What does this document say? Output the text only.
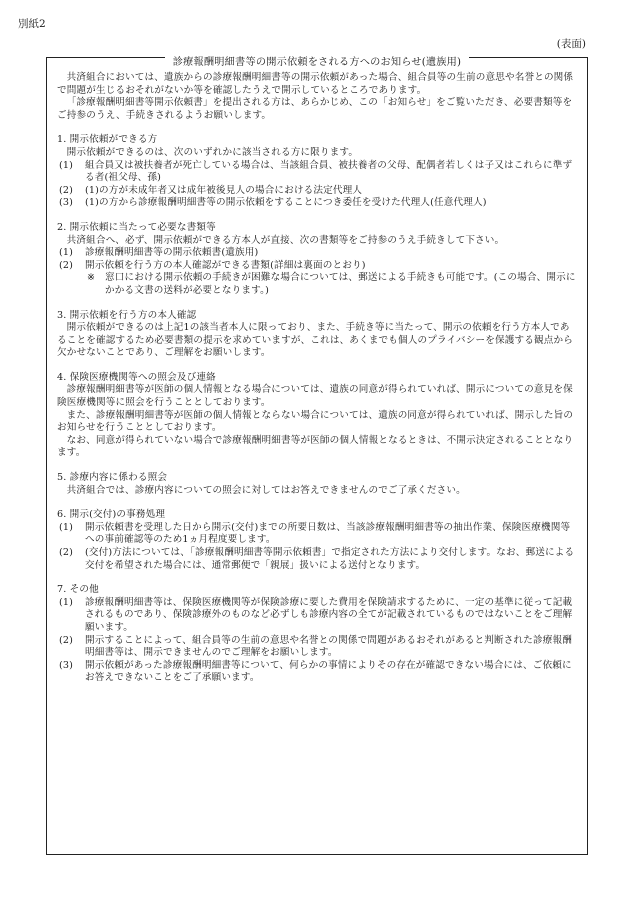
別紙2
(表面)
診療報酬明細書等の開示依頼をされる方へのお知らせ(遺族用)

共済組合においては、遺族からの診療報酬明細書等の開示依頼があった場合、組合員等の生前の意思や名誉との関係で問題が生じるおそれがないか等を確認したうえで開示しているところであります。

「診療報酬明細書等開示依頼書」を提出される方は、あらかじめ、この「お知らせ」をご覧いただき、必要書類等をご持参のうえ、手続きされるようお願いします。

1. 開示依頼ができる方

開示依頼ができるのは、次のいずれかに該当される方に限ります。

(1)	組合員又は被扶養者が死亡している場合は、当該組合員、被扶養者の父母、配偶者若しくは子又はこれらに準ずる者(祖父母、孫)
(2)	(1)の方が未成年者又は成年被後見人の場合における法定代理人
(3)	(1)の方から診療報酬明細書等の開示依頼をすることにつき委任を受けた代理人(任意代理人)

2. 開示依頼に当たって必要な書類等

共済組合へ、必ず、開示依頼ができる方本人が直接、次の書類等をご持参のうえ手続きして下さい。

(1)	診療報酬明細書等の開示依頼書(遺族用)
(2)	開示依頼を行う方の本人確認ができる書類(詳細は裏面のとおり)
※	窓口における開示依頼の手続きが困難な場合については、郵送による手続きも可能です。(この場合、開示にかかる文書の送料が必要となります。)

3. 開示依頼を行う方の本人確認

開示依頼ができるのは上記1の該当者本人に限っており、また、手続き等に当たって、開示の依頼を行う方本人であることを確認するため必要書類の提示を求めていますが、これは、あくまでも個人のプライバシーを保護する観点から欠かせないことであり、ご理解をお願いします。

4. 保険医療機関等への照会及び連絡

診療報酬明細書等が医師の個人情報となる場合については、遺族の同意が得られていれば、開示についての意見を保険医療機関等に照会を行うこととしております。

また、診療報酬明細書等が医師の個人情報とならない場合については、遺族の同意が得られていれば、開示した旨のお知らせを行うこととしております。

なお、同意が得られていない場合で診療報酬明細書等が医師の個人情報となるときは、不開示決定されることとなります。

5. 診療内容に係わる照会

共済組合では、診療内容についての照会に対してはお答えできませんのでご了承ください。

6. 開示(交付)の事務処理

(1)	開示依頼書を受理した日から開示(交付)までの所要日数は、当該診療報酬明細書等の抽出作業、保険医療機関等への事前確認等のため1ヵ月程度要します。
(2)	(交付)方法については、「診療報酬明細書等開示依頼書」で指定された方法により交付します。なお、郵送による交付を希望された場合には、通常郵便で「親展」扱いによる送付となります。

7. その他

(1)	診療報酬明細書等は、保険医療機関等が保険診療に要した費用を保険請求するために、一定の基準に従って記載されるものであり、保険診療外のものなど必ずしも診療内容の全てが記載されているものではないことをご理解願います。
(2)	開示することによって、組合員等の生前の意思や名誉との関係で問題があるおそれがあると判断された診療報酬明細書等は、開示できませんのでご理解をお願いします。
(3)	開示依頼があった診療報酬明細書等について、何らかの事情によりその存在が確認できない場合には、ご依頼にお答えできないことをご了承願います。
